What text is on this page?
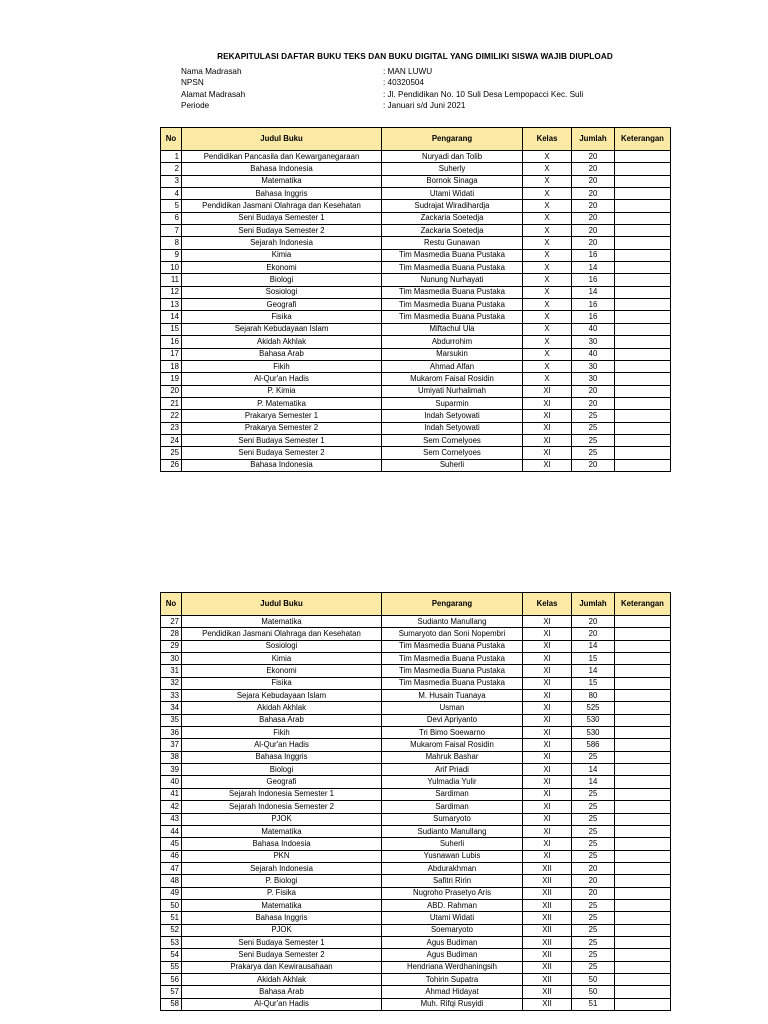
REKAPITULASI DAFTAR BUKU TEKS DAN BUKU DIGITAL YANG DIMILIKI SISWA WAJIB DIUPLOAD
Nama Madrasah	: MAN LUWU
NPSN	: 40320504
Alamat Madrasah	: Jl. Pendidikan No. 10 Suli Desa Lempopacci Kec. Suli
Periode	: Januari s/d Juni 2021
No	Judul Buku	Pengarang	Kelas	Jumlah	Keterangan
1	Pendidikan Pancasila dan Kewarganegaraan	Nuryadi dan Tolib	X	20	
2	Bahasa Indonesia	Suherly	X	20	
3	Matematika	Bornok Sinaga	X	20	
4	Bahasa Inggris	Utami Widati	X	20	
5	Pendidikan Jasmani Olahraga dan Kesehatan	Sudrajat Wiradihardja	X	20	
6	Seni Budaya Semester 1	Zackaria Soetedja	X	20	
7	Seni Budaya Semester 2	Zackaria Soetedja	X	20	
8	Sejarah Indonesia	Restu Gunawan	X	20	
9	Kimia	Tim Masmedia Buana Pustaka	X	16	
10	Ekonomi	Tim Masmedia Buana Pustaka	X	14	
11	Biologi	Nunung Nurhayati	X	16	
12	Sosiologi	Tim Masmedia Buana Pustaka	X	14	
13	Geografi	Tim Masmedia Buana Pustaka	X	16	
14	Fisika	Tim Masmedia Buana Pustaka	X	16	
15	Sejarah Kebudayaan Islam	Miftachul Ula	X	40	
16	Akidah Akhlak	Abdurrohim	X	30	
17	Bahasa Arab	Marsukin	X	40	
18	Fikih	Ahmad Alfan	X	30	
19	Al-Qur'an Hadis	Mukarom Faisal Rosidin	X	30	
20	P. Kimia	Umiyati Nurhalimah	XI	20	
21	P. Matematika	Suparmin	XI	20	
22	Prakarya Semester 1	Indah Setyowati	XI	25	
23	Prakarya Semester 2	Indah Setyowati	XI	25	
24	Seni Budaya Semester 1	Sem Cornelyoes	XI	25	
25	Seni Budaya Semester 2	Sem Cornelyoes	XI	25	
26	Bahasa Indonesia	Suherli	XI	20	
No	Judul Buku	Pengarang	Kelas	Jumlah	Keterangan
27	Matematika	Sudianto Manullang	XI	20	
28	Pendidikan Jasmani Olahraga dan Kesehatan	Sumaryoto dan Soni Nopembri	XI	20	
29	Sosiologi	Tim Masmedia Buana Pustaka	XI	14	
30	Kimia	Tim Masmedia Buana Pustaka	XI	15	
31	Ekonomi	Tim Masmedia Buana Pustaka	XI	14	
32	Fisika	Tim Masmedia Buana Pustaka	XI	15	
33	Sejara Kebudayaan Islam	M. Husain Tuanaya	XI	80	
34	Akidah Akhlak	Usman	XI	525	
35	Bahasa Arab	Devi Apriyanto	XI	530	
36	Fikih	Tri Bimo Soewarno	XI	530	
37	Al-Qur'an Hadis	Mukarom Faisal Rosidin	XI	586	
38	Bahasa Inggris	Mahruk Bashar	XI	25	
39	Biologi	Arif Priadi	XI	14	
40	Geografi	Yulmadia Yulir	XI	14	
41	Sejarah Indonesia Semester 1	Sardiman	XI	25	
42	Sejarah Indonesia Semester 2	Sardiman	XI	25	
43	PJOK	Sumaryoto	XI	25	
44	Matematika	Sudianto Manullang	XI	25	
45	Bahasa Indoesia	Suherli	XI	25	
46	PKN	Yusnawan Lubis	XI	25	
47	Sejarah Indonesia	Abdurakhman	XII	20	
48	P. Biologi	Safitri Ririn	XII	20	
49	P. Fisika	Nugroho Prasetyo Aris	XII	20	
50	Matematika	ABD. Rahman	XII	25	
51	Bahasa Inggris	Utami Widati	XII	25	
52	PJOK	Soemaryoto	XII	25	
53	Seni Budaya Semester 1	Agus Budiman	XII	25	
54	Seni Budaya Semester 2	Agus Budiman	XII	25	
55	Prakarya dan Kewirausahaan	Hendriana Werdhaningsih	XII	25	
56	Akidah Akhlak	Tohirin Supatra	XII	50	
57	Bahasa Arab	Ahmad Hidayat	XII	50	
58	Al-Qur'an Hadis	Muh. Rifqi Rusyidi	XII	51	
